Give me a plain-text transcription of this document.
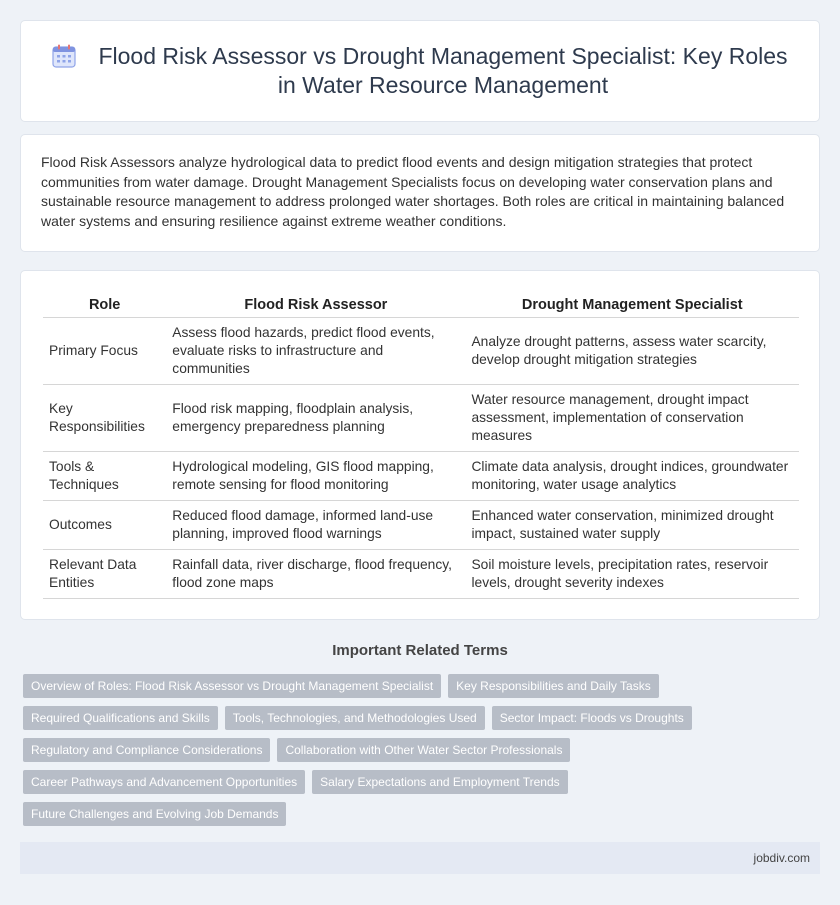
Flood Risk Assessor vs Drought Management Specialist: Key Roles in Water Resource Management

Flood Risk Assessors analyze hydrological data to predict flood events and design mitigation strategies that protect communities from water damage. Drought Management Specialists focus on developing water conservation plans and sustainable resource management to address prolonged water shortages. Both roles are critical in maintaining balanced water systems and ensuring resilience against extreme weather conditions.

Role	Flood Risk Assessor	Drought Management Specialist
Primary Focus	Assess flood hazards, predict flood events, evaluate risks to infrastructure and communities	Analyze drought patterns, assess water scarcity, develop drought mitigation strategies
Key Responsibilities	Flood risk mapping, floodplain analysis, emergency preparedness planning	Water resource management, drought impact assessment, implementation of conservation measures
Tools & Techniques	Hydrological modeling, GIS flood mapping, remote sensing for flood monitoring	Climate data analysis, drought indices, groundwater monitoring, water usage analytics
Outcomes	Reduced flood damage, informed land-use planning, improved flood warnings	Enhanced water conservation, minimized drought impact, sustained water supply
Relevant Data Entities	Rainfall data, river discharge, flood frequency, flood zone maps	Soil moisture levels, precipitation rates, reservoir levels, drought severity indexes
Important Related Terms
Overview of Roles: Flood Risk Assessor vs Drought Management Specialist	Key Responsibilities and Daily Tasks
Required Qualifications and Skills	Tools, Technologies, and Methodologies Used	Sector Impact: Floods vs Droughts
Regulatory and Compliance Considerations	Collaboration with Other Water Sector Professionals
Career Pathways and Advancement Opportunities	Salary Expectations and Employment Trends
Future Challenges and Evolving Job Demands
jobdiv.com
